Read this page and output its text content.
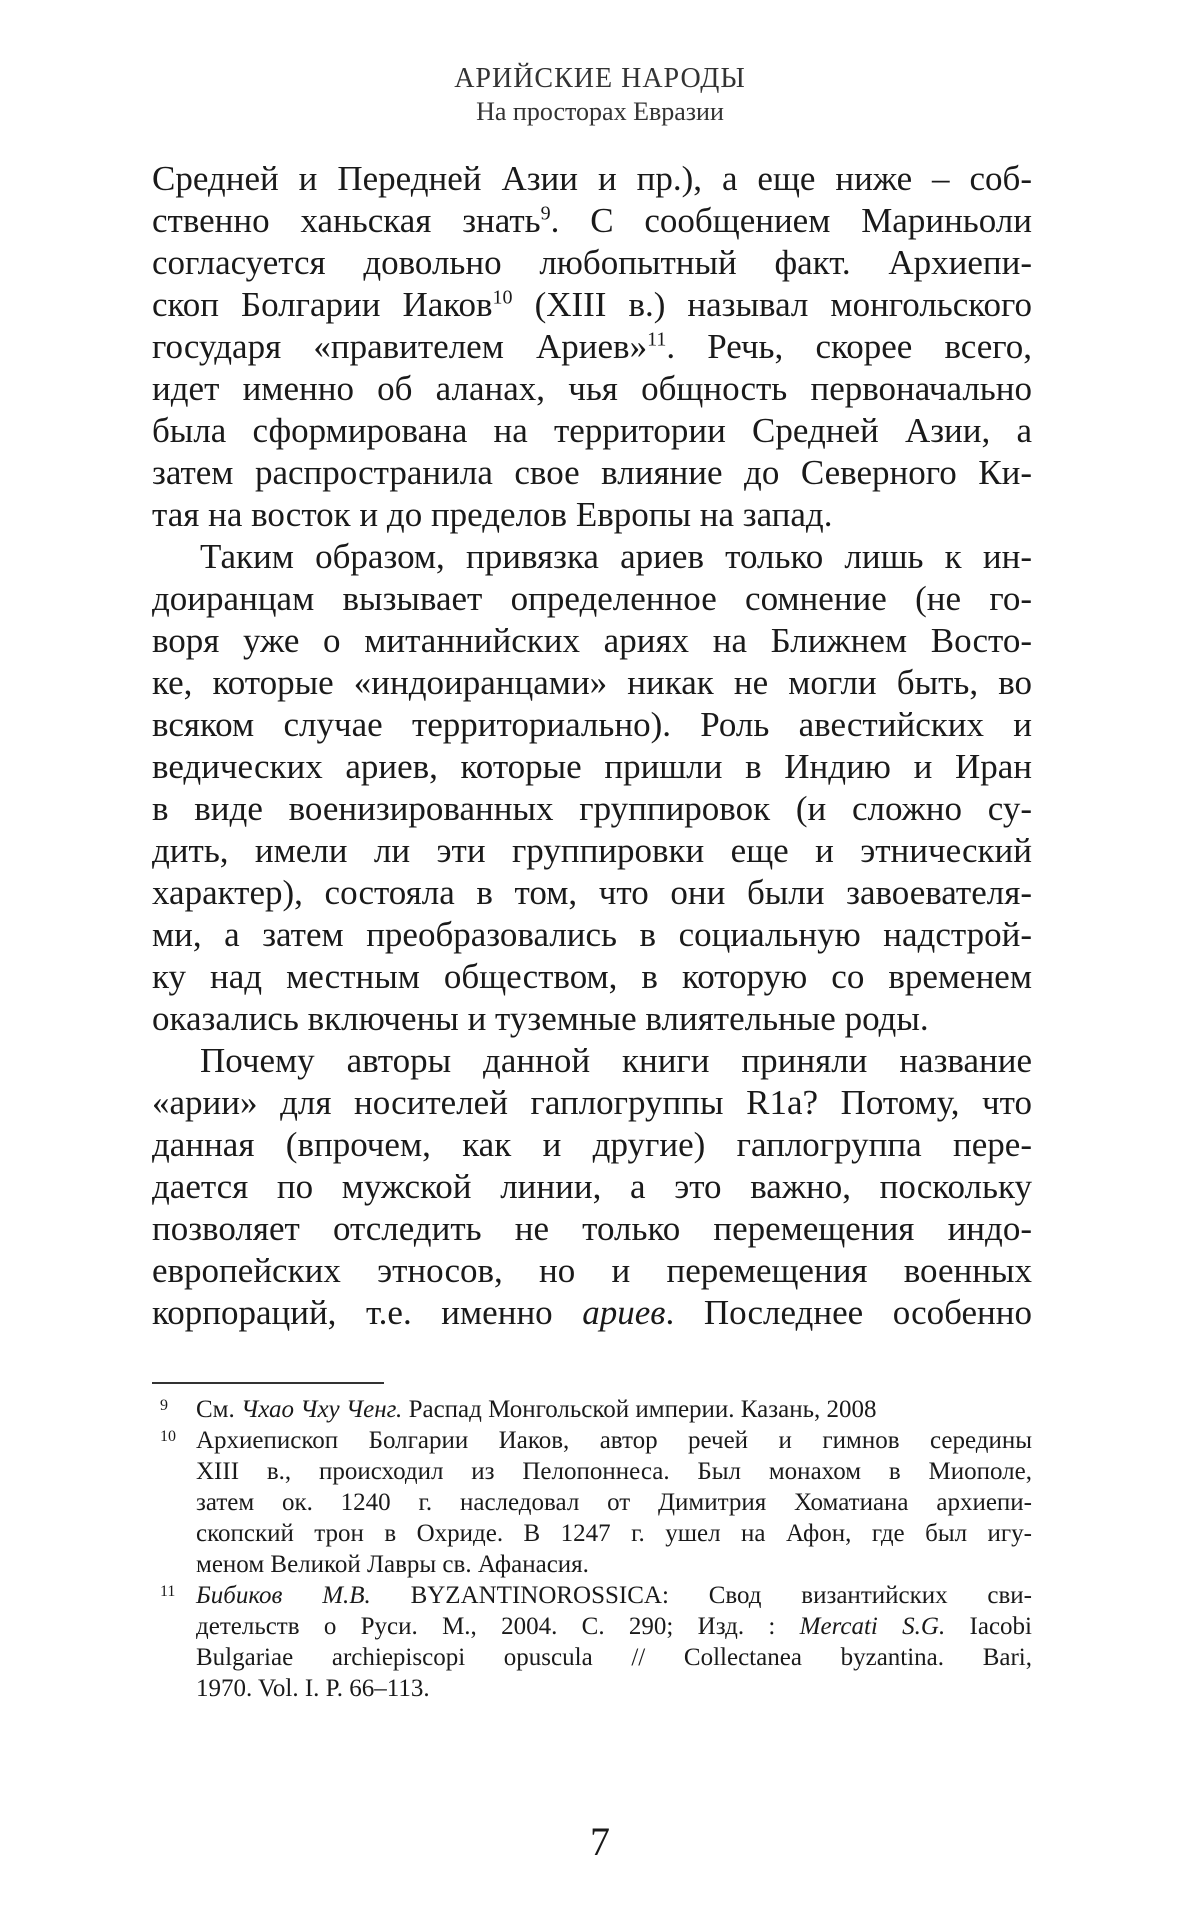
АРИЙСКИЕ НАРОДЫ
На просторах Евразии
Средней и Передней Азии и пр.), а еще ниже – соб-
ственно ханьская знать$^9$. С сообщением Мариньоли
согласуется довольно любопытный факт. Архиепи-
скоп Болгарии Иаков$^{10}$ (XIII в.) называл монгольского
государя «правителем Ариев»$^{11}$. Речь, скорее всего,
идет именно об аланах, чья общность первоначально
была сформирована на территории Средней Азии, а
затем распространила свое влияние до Северного Ки-
тая на восток и до пределов Европы на запад.
Таким образом, привязка ариев только лишь к ин-
доиранцам вызывает определенное сомнение (не го-
воря уже о митаннийских ариях на Ближнем Восто-
ке, которые «индоиранцами» никак не могли быть, во
всяком случае территориально). Роль авестийских и
ведических ариев, которые пришли в Индию и Иран
в виде военизированных группировок (и сложно су-
дить, имели ли эти группировки еще и этнический
характер), состояла в том, что они были завоевателя-
ми, а затем преобразовались в социальную надстрой-
ку над местным обществом, в которую со временем
оказались включены и туземные влиятельные роды.
Почему авторы данной книги приняли название
«арии» для носителей гаплогруппы R1a? Потому, что
данная (впрочем, как и другие) гаплогруппа пере-
дается по мужской линии, а это важно, поскольку
позволяет отследить не только перемещения индо-
европейских этносов, но и перемещения военных
корпораций, т.е. именно ариев. Последнее особенно
9 См. Чхао Чху Ченг. Распад Монгольской империи. Казань, 2008
10 Архиепископ Болгарии Иаков, автор речей и гимнов середины
XIII в., происходил из Пелопоннеса. Был монахом в Миополе,
затем ок. 1240 г. наследовал от Димитрия Хоматиана архиепи-
скопский трон в Охриде. В 1247 г. ушел на Афон, где был игу-
меном Великой Лавры св. Афанасия.
11 Бибиков М.В. BYZANTINOROSSICA: Свод византийских сви-
детельств о Руси. М., 2004. С. 290; Изд. : Mercati S.G. Iacobi
Bulgariae archiepiscopi opuscula // Collectanea byzantina. Bari,
1970. Vol. I. P. 66–113.
7
